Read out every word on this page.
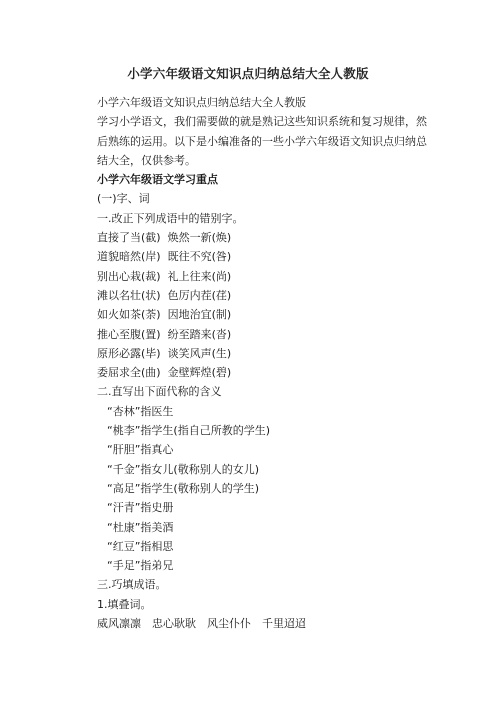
小学六年级语文知识点归纳总结大全人教版
小学六年级语文知识点归纳总结大全人教版
学习小学语文，我们需要做的就是熟记这些知识系统和复习规律，然后熟练的运用。以下是小编准备的一些小学六年级语文知识点归纳总结大全，仅供参考。
小学六年级语文学习重点
(一)字、词
一.改正下列成语中的错别字。
直接了当(截) 焕然一新(焕)
道貌暗然(岸) 既往不究(咎)
别出心栽(裁) 礼上往来(尚)
滩以名壮(状) 色厉内茬(荏)
如火如茶(荼) 因地治宜(制)
推心至腹(置) 纷至踏来(沓)
原形必露(毕) 谈笑风声(生)
委屈求全(曲) 金壁辉煌(碧)
二.直写出下面代称的含义
“杏林”指医生
“桃李”指学生(指自己所教的学生)
“肝胆”指真心
“千金”指女儿(敬称别人的女儿)
“高足”指学生(敬称别人的学生)
“汗青”指史册
“杜康”指美酒
“红豆”指相思
“手足”指弟兄
三.巧填成语。
1.填叠词。
威风凛凛 忠心耿耿 风尘仆仆 千里迢迢
